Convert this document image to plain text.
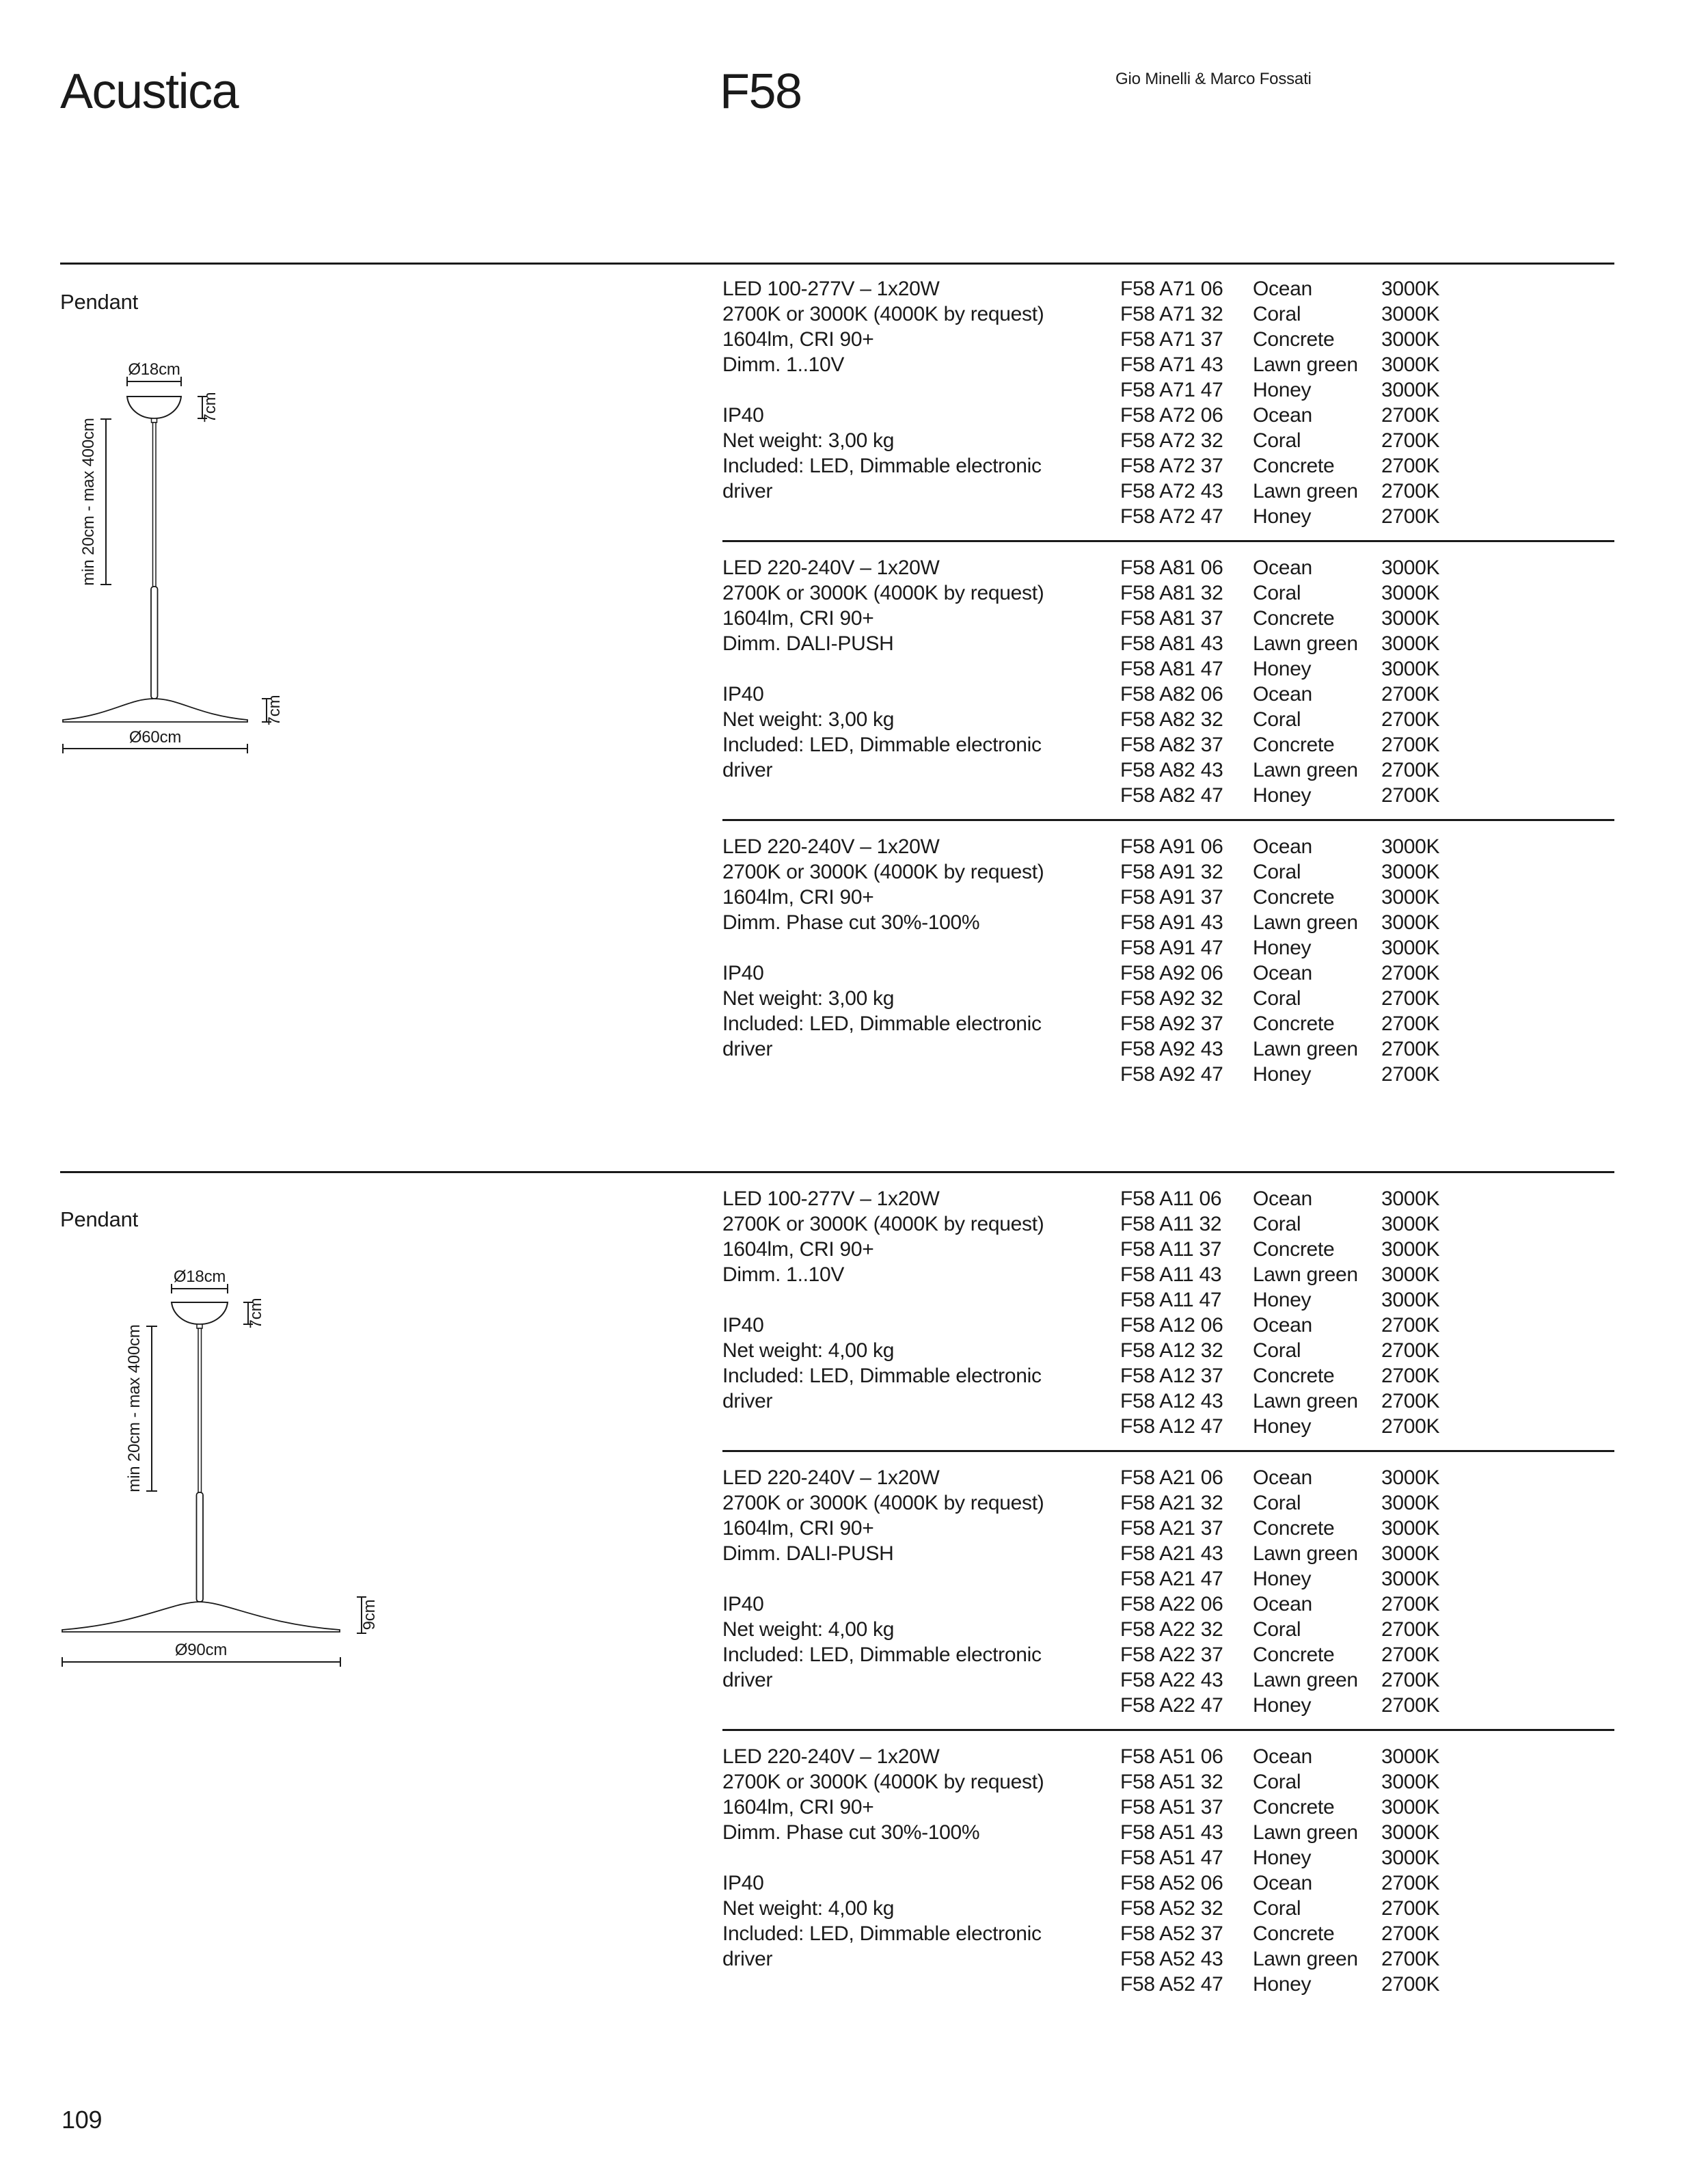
Acustica	F58	Gio Minelli & Marco Fossati
Pendant
Pendant
Ø18cm
7cm
min 20cm - max 400cm
7cm
Ø60cm
Ø18cm
7cm
min 20cm - max 400cm
9cm
Ø90cm
LED 100-277V – 1x20W
2700K or 3000K (4000K by request)
1604lm, CRI 90+
Dimm. 1..10V
IP40
Net weight: 3,00 kg
Included: LED, Dimmable electronic
driver
F58 A71 06	Ocean	3000K
F58 A71 32	Coral	3000K
F58 A71 37	Concrete	3000K
F58 A71 43	Lawn green	3000K
F58 A71 47	Honey	3000K
F58 A72 06	Ocean	2700K
F58 A72 32	Coral	2700K
F58 A72 37	Concrete	2700K
F58 A72 43	Lawn green	2700K
F58 A72 47	Honey	2700K
LED 220-240V – 1x20W
2700K or 3000K (4000K by request)
1604lm, CRI 90+
Dimm. DALI-PUSH
IP40
Net weight: 3,00 kg
Included: LED, Dimmable electronic
driver
F58 A81 06	Ocean	3000K
F58 A81 32	Coral	3000K
F58 A81 37	Concrete	3000K
F58 A81 43	Lawn green	3000K
F58 A81 47	Honey	3000K
F58 A82 06	Ocean	2700K
F58 A82 32	Coral	2700K
F58 A82 37	Concrete	2700K
F58 A82 43	Lawn green	2700K
F58 A82 47	Honey	2700K
LED 220-240V – 1x20W
2700K or 3000K (4000K by request)
1604lm, CRI 90+
Dimm. Phase cut 30%-100%
IP40
Net weight: 3,00 kg
Included: LED, Dimmable electronic
driver
F58 A91 06	Ocean	3000K
F58 A91 32	Coral	3000K
F58 A91 37	Concrete	3000K
F58 A91 43	Lawn green	3000K
F58 A91 47	Honey	3000K
F58 A92 06	Ocean	2700K
F58 A92 32	Coral	2700K
F58 A92 37	Concrete	2700K
F58 A92 43	Lawn green	2700K
F58 A92 47	Honey	2700K
LED 100-277V – 1x20W
2700K or 3000K (4000K by request)
1604lm, CRI 90+
Dimm. 1..10V
IP40
Net weight: 4,00 kg
Included: LED, Dimmable electronic
driver
F58 A11 06	Ocean	3000K
F58 A11 32	Coral	3000K
F58 A11 37	Concrete	3000K
F58 A11 43	Lawn green	3000K
F58 A11 47	Honey	3000K
F58 A12 06	Ocean	2700K
F58 A12 32	Coral	2700K
F58 A12 37	Concrete	2700K
F58 A12 43	Lawn green	2700K
F58 A12 47	Honey	2700K
LED 220-240V – 1x20W
2700K or 3000K (4000K by request)
1604lm, CRI 90+
Dimm. DALI-PUSH
IP40
Net weight: 4,00 kg
Included: LED, Dimmable electronic
driver
F58 A21 06	Ocean	3000K
F58 A21 32	Coral	3000K
F58 A21 37	Concrete	3000K
F58 A21 43	Lawn green	3000K
F58 A21 47	Honey	3000K
F58 A22 06	Ocean	2700K
F58 A22 32	Coral	2700K
F58 A22 37	Concrete	2700K
F58 A22 43	Lawn green	2700K
F58 A22 47	Honey	2700K
LED 220-240V – 1x20W
2700K or 3000K (4000K by request)
1604lm, CRI 90+
Dimm. Phase cut 30%-100%
IP40
Net weight: 4,00 kg
Included: LED, Dimmable electronic
driver
F58 A51 06	Ocean	3000K
F58 A51 32	Coral	3000K
F58 A51 37	Concrete	3000K
F58 A51 43	Lawn green	3000K
F58 A51 47	Honey	3000K
F58 A52 06	Ocean	2700K
F58 A52 32	Coral	2700K
F58 A52 37	Concrete	2700K
F58 A52 43	Lawn green	2700K
F58 A52 47	Honey	2700K
109
